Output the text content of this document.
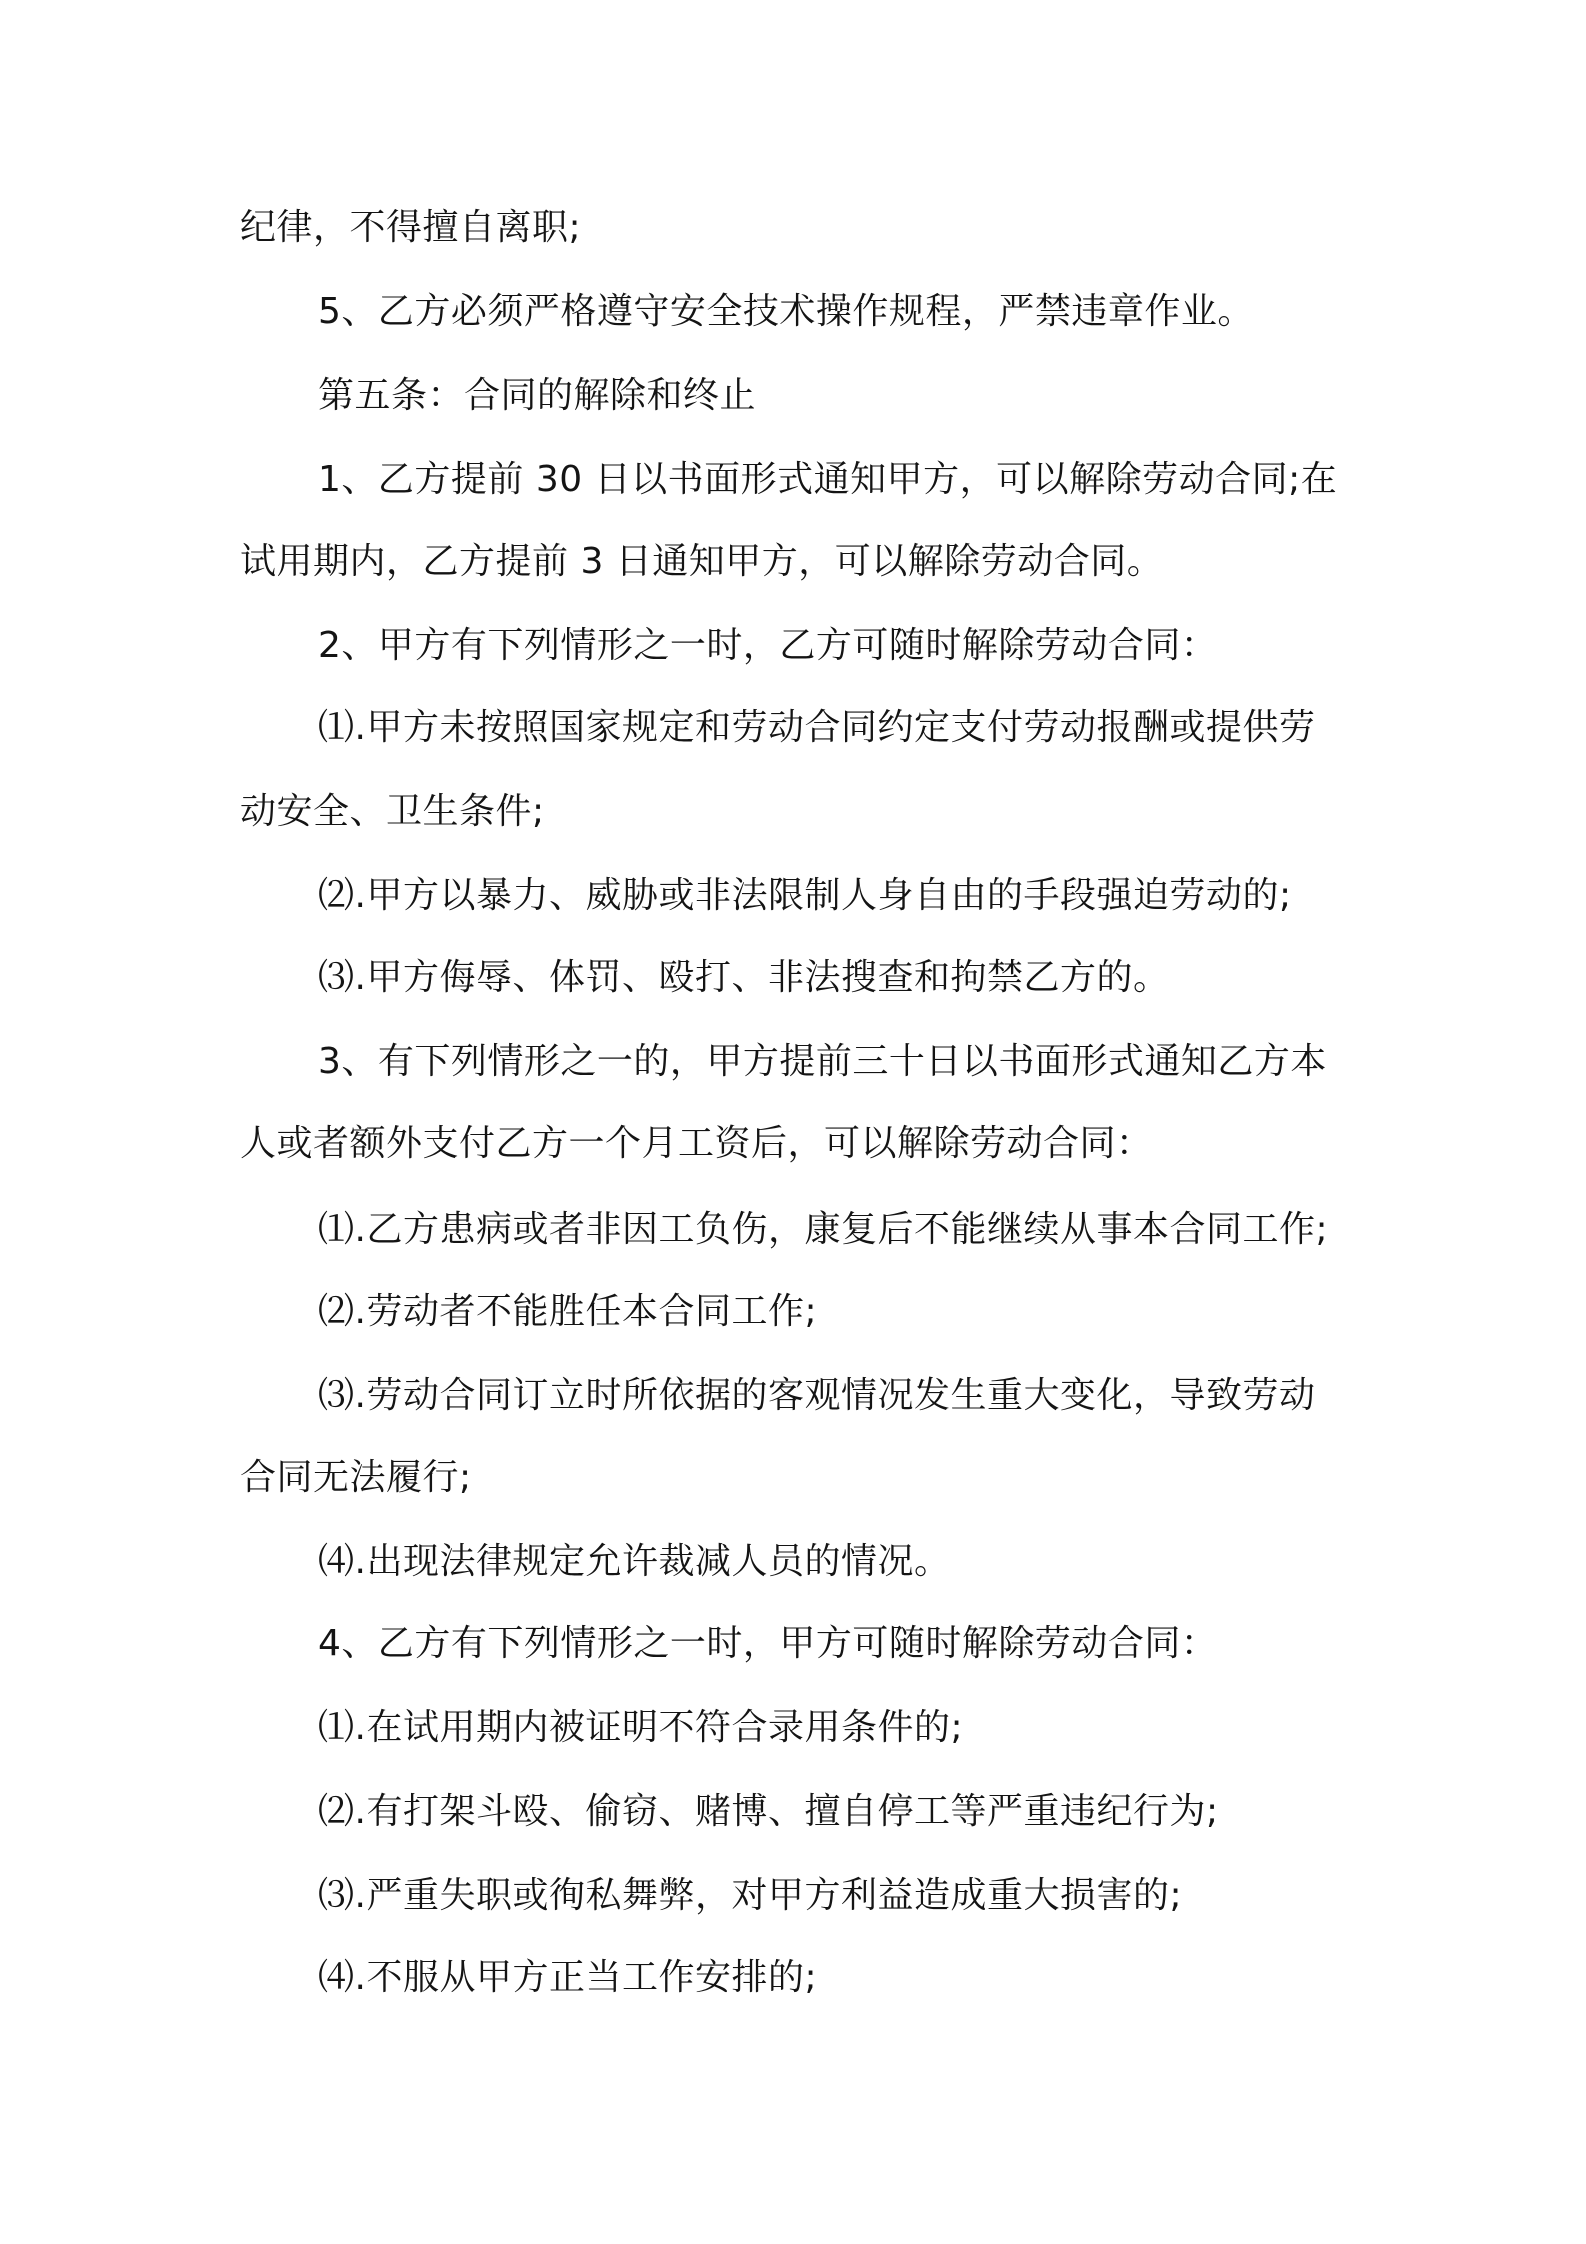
纪律，不得擅自离职;
5、乙方必须严格遵守安全技术操作规程，严禁违章作业。
第五条：合同的解除和终止
1、乙方提前 30 日以书面形式通知甲方，可以解除劳动合同;在
试用期内，乙方提前 3 日通知甲方，可以解除劳动合同。
2、甲方有下列情形之一时，乙方可随时解除劳动合同：
⑴.甲方未按照国家规定和劳动合同约定支付劳动报酬或提供劳
动安全、卫生条件;
⑵.甲方以暴力、威胁或非法限制人身自由的手段强迫劳动的;
⑶.甲方侮辱、体罚、殴打、非法搜查和拘禁乙方的。
3、有下列情形之一的，甲方提前三十日以书面形式通知乙方本
人或者额外支付乙方一个月工资后，可以解除劳动合同：
⑴.乙方患病或者非因工负伤，康复后不能继续从事本合同工作;
⑵.劳动者不能胜任本合同工作;
⑶.劳动合同订立时所依据的客观情况发生重大变化，导致劳动
合同无法履行;
⑷.出现法律规定允许裁减人员的情况。
4、乙方有下列情形之一时，甲方可随时解除劳动合同：
⑴.在试用期内被证明不符合录用条件的;
⑵.有打架斗殴、偷窃、赌博、擅自停工等严重违纪行为;
⑶.严重失职或徇私舞弊，对甲方利益造成重大损害的;
⑷.不服从甲方正当工作安排的;
